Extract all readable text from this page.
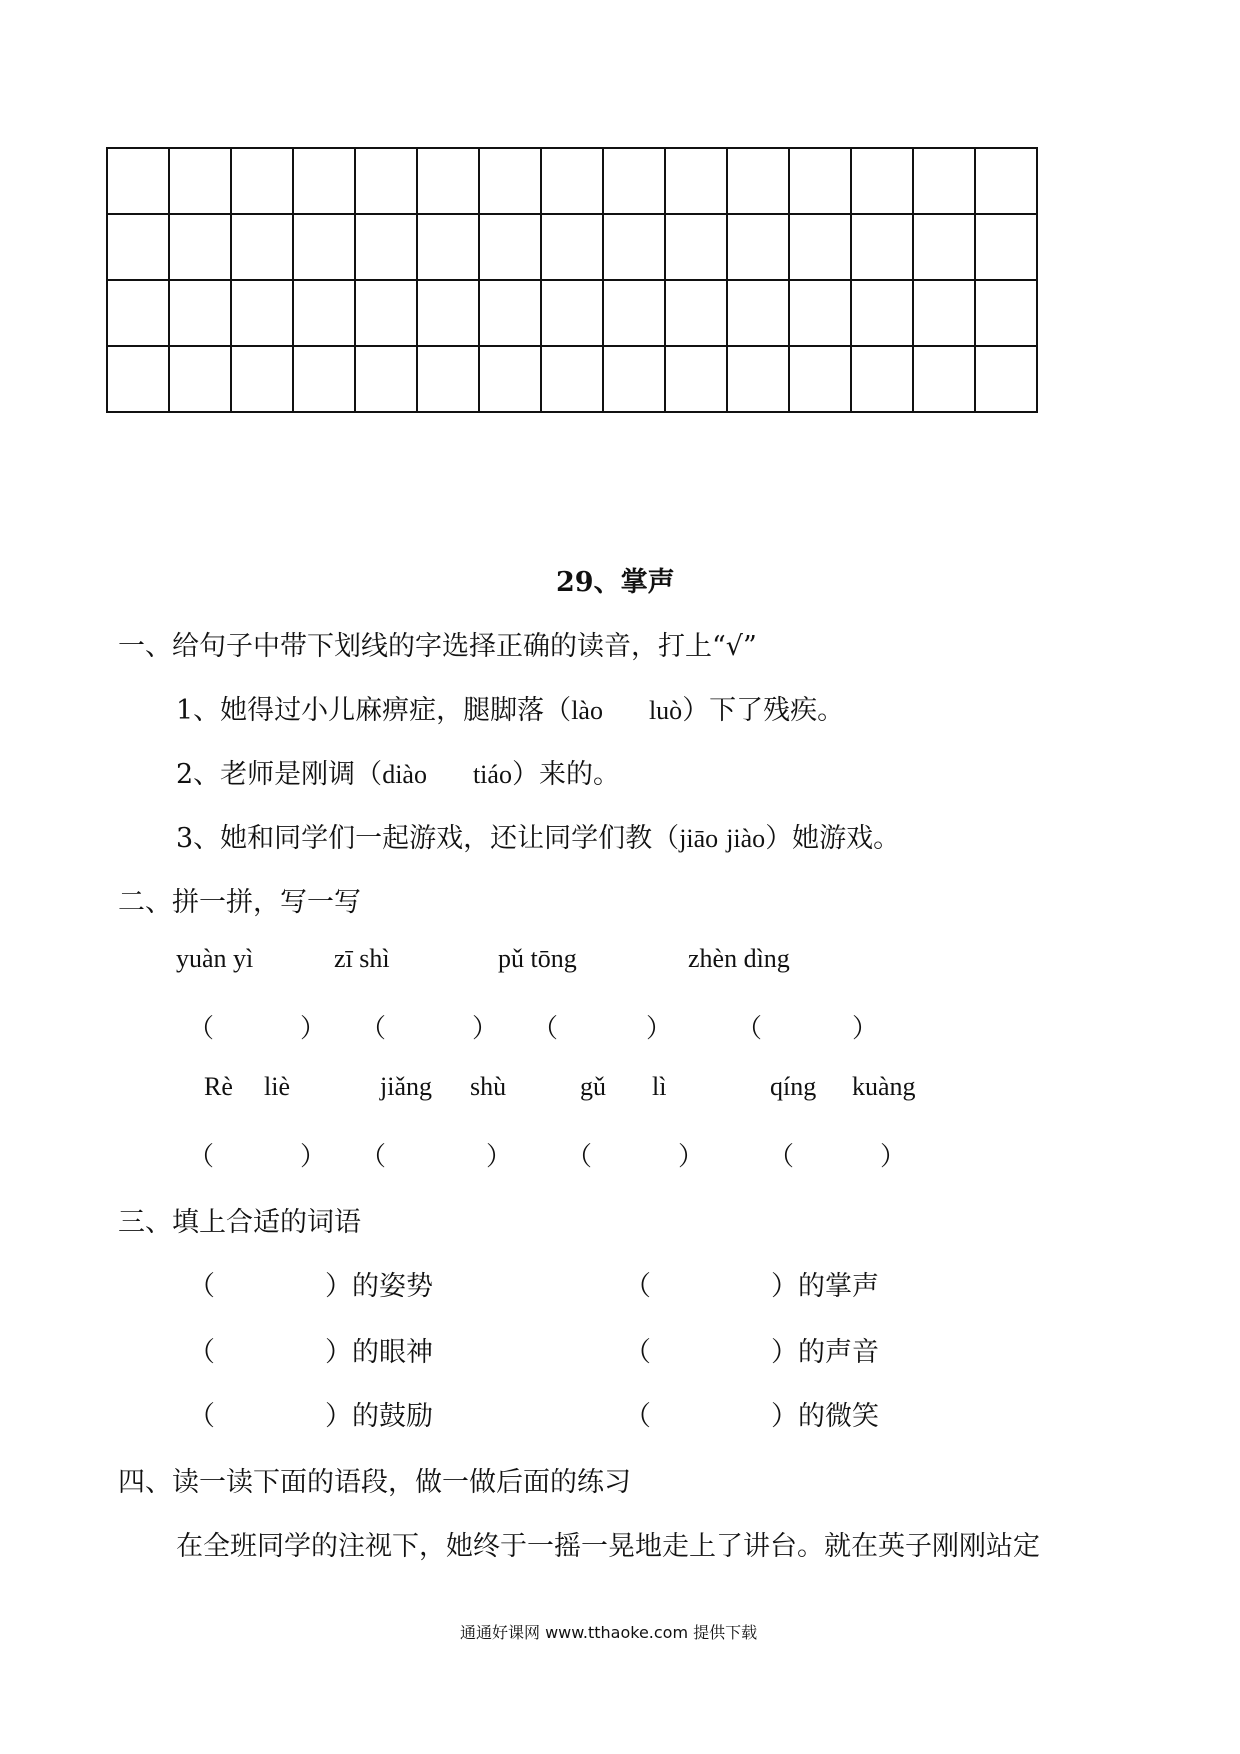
29、掌声
一、给句子中带下划线的字选择正确的读音，打上“√”
1、她得过小儿麻痹症，腿脚落（lào luò）下了残疾。
2、老师是刚调（diào tiáo）来的。
3、她和同学们一起游戏，还让同学们教（jiāo jiào）她游戏。
二、拼一拼，写一写
yuàn yì	zī shì	pǔ tōng	zhèn dìng
（	） （	） （	） （	）
Rè liè	jiǎng shù	gǔ lì	qíng kuàng
（	） （	） （	） （	）
三、填上合适的词语
（	）的姿势	（	）的掌声
（	）的眼神	（	）的声音
（	）的鼓励	（	）的微笑
四、读一读下面的语段，做一做后面的练习
在全班同学的注视下，她终于一摇一晃地走上了讲台。就在英子刚刚站定
通通好课网 www.tthaoke.com 提供下载
